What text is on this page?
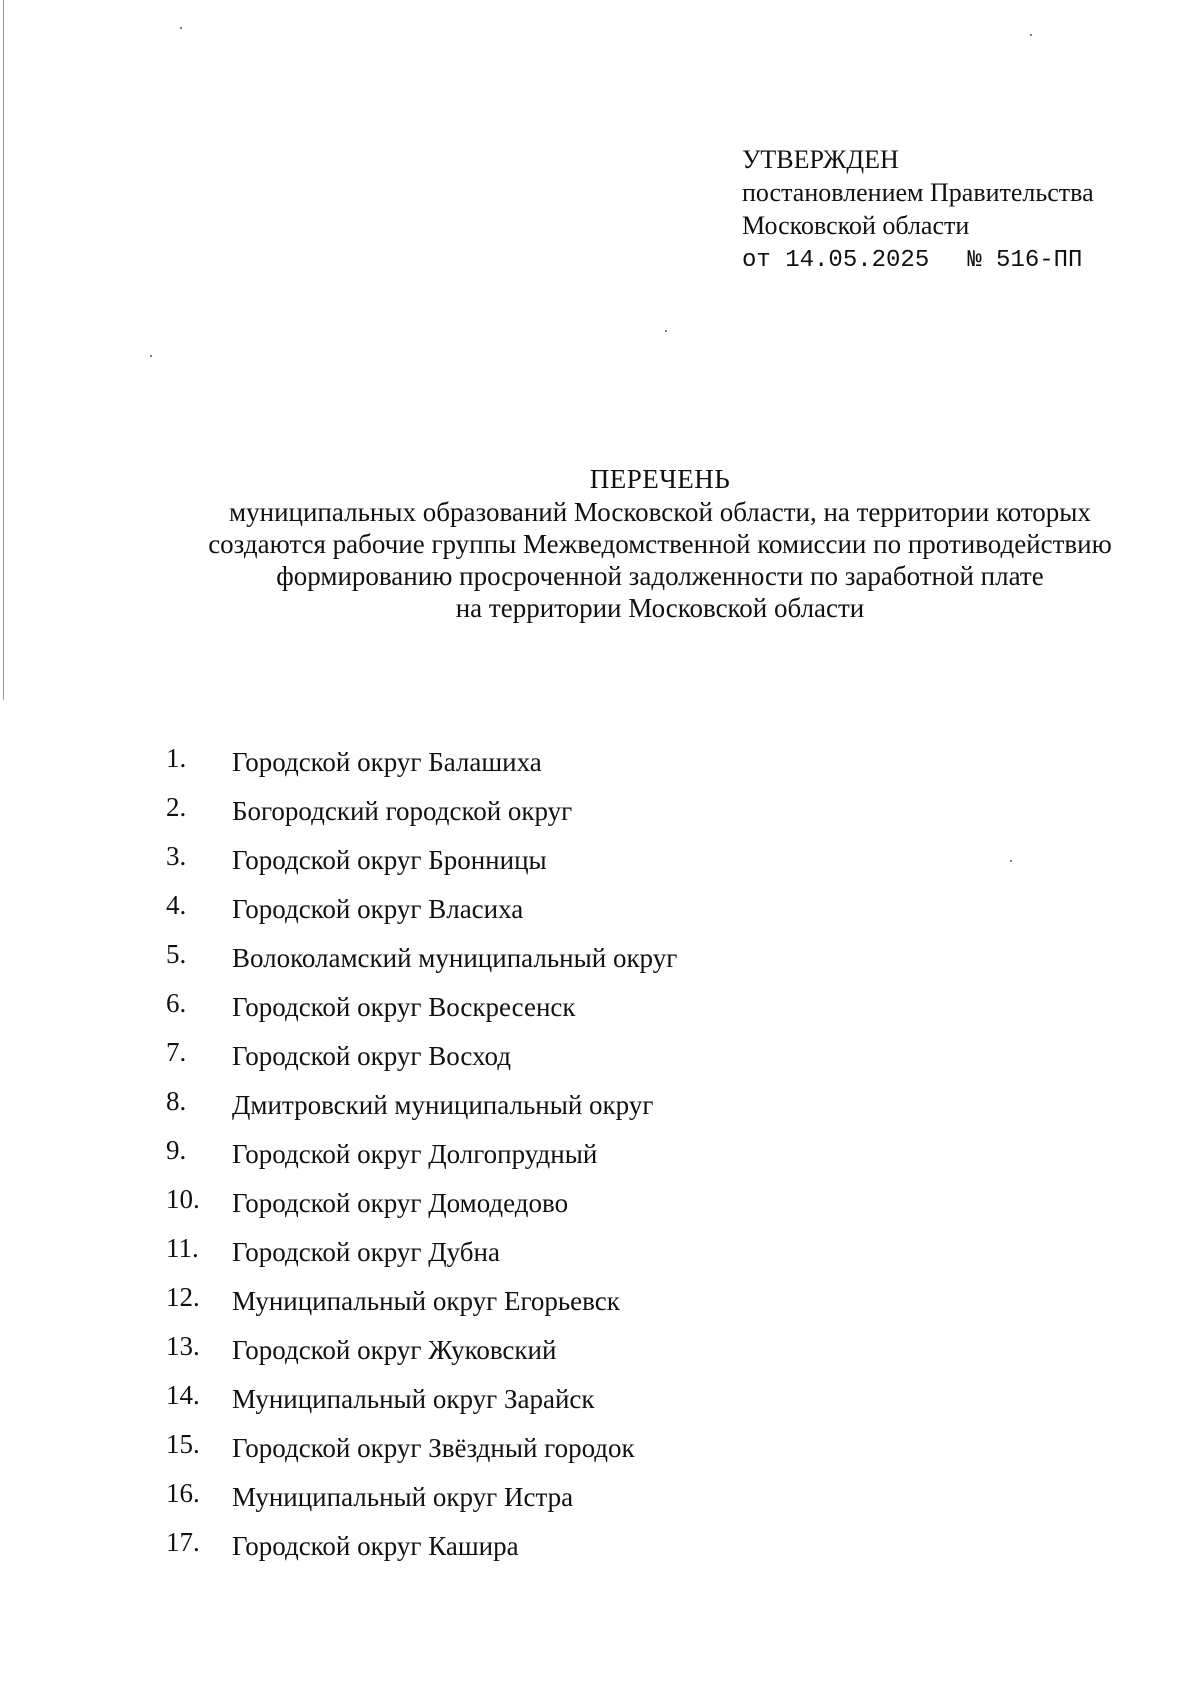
УТВЕРЖДЕН
постановлением Правительства
Московской области
от 14.05.2025 № 516-ПП
ПЕРЕЧЕНЬ
муниципальных образований Московской области, на территории которых
создаются рабочие группы Межведомственной комиссии по противодействию
формированию просроченной задолженности по заработной плате
на территории Московской области
1. Городской округ Балашиха
2. Богородский городской округ
3. Городской округ Бронницы
4. Городской округ Власиха
5. Волоколамский муниципальный округ
6. Городской округ Воскресенск
7. Городской округ Восход
8. Дмитровский муниципальный округ
9. Городской округ Долгопрудный
10. Городской округ Домодедово
11. Городской округ Дубна
12. Муниципальный округ Егорьевск
13. Городской округ Жуковский
14. Муниципальный округ Зарайск
15. Городской округ Звёздный городок
16. Муниципальный округ Истра
17. Городской округ Кашира
